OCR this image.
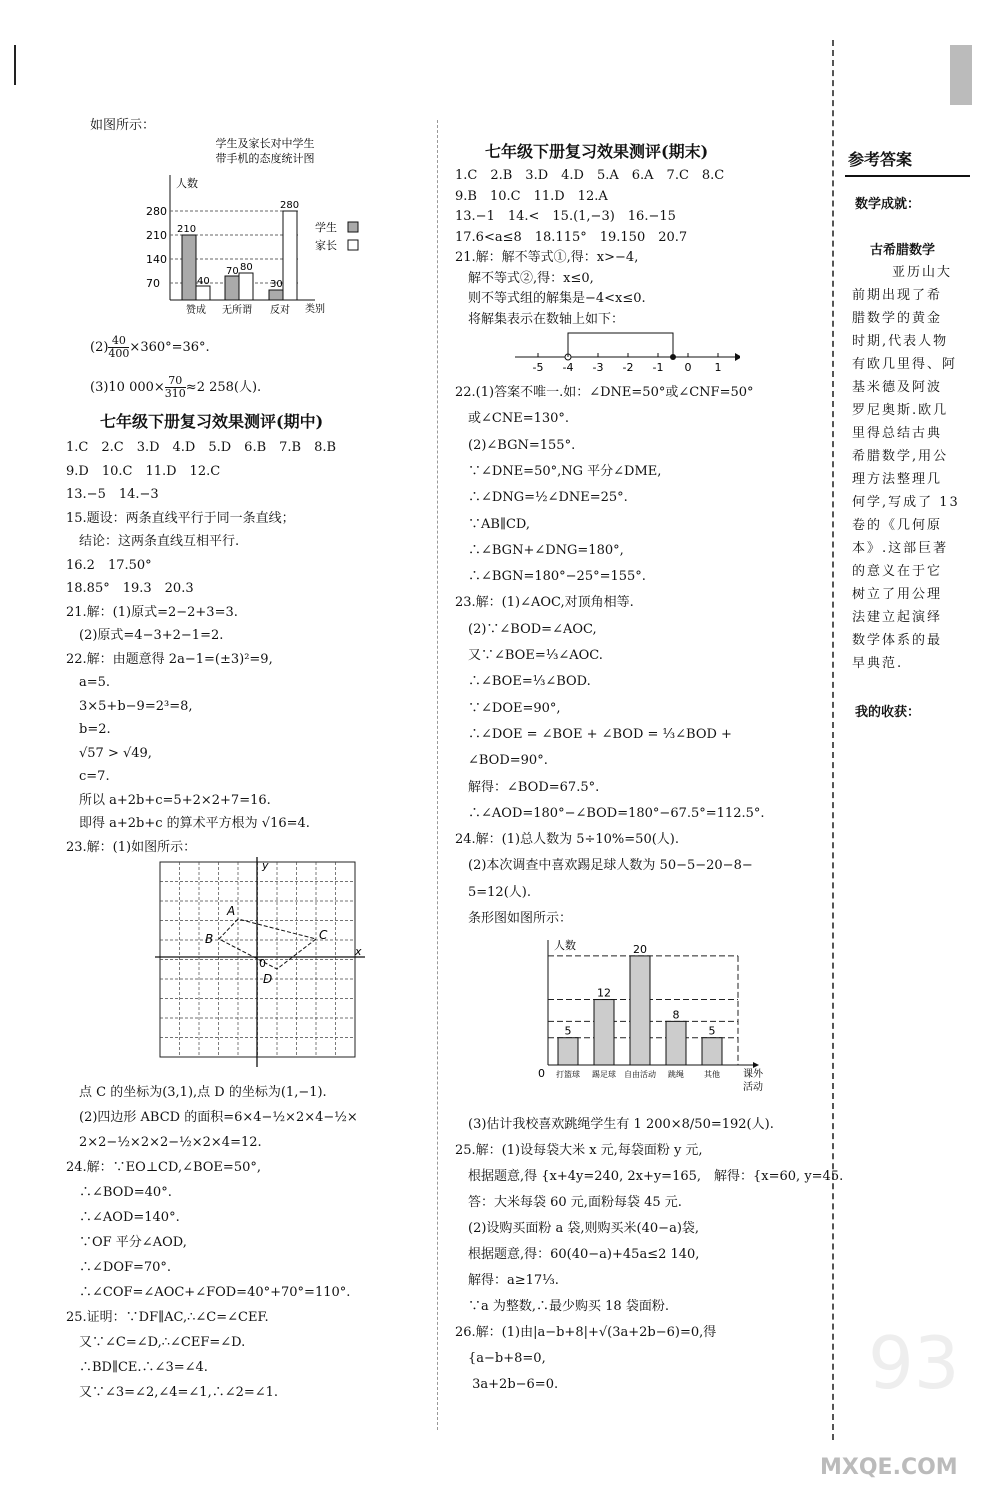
如图所示：
学生及家长对中学生
带手机的态度统计图
人数
类别
280
210
140
70
210
40
70 80
30
280
赞成 无所谓 反对
学生
家长
$(2) \frac{40}{400} \times 360^\circ=36^\circ$.
(3)10 $000\times \frac{70}{310} \approx 2$ 258(人).
七年级下册复习效果测评(期中)
1.C　2.C　3.D　4.D　5.D　6.B　7.B　8.B
9.D　10.C　11.D　12.C
13.−5　14.−3
15.题设：两条直线平行于同一条直线；
　结论：这两条直线互相平行.
16.2　17.50°
18.85°　19.3　20.3
21.解：(1)原式=2−2+3=3.
　(2)原式=4−3+2−1=2.
22.解：由题意得 2a−1=(±3)²=9,
　a=5.
　3×5+b−9=2³=8,
　b=2.
　√57 > √49,
　c=7.
　所以 a+2b+c=5+2×2+7=16.
　即得 a+2b+c 的算术平方根为 √16=4.
23.解：(1)如图所示：
A
B	C
D
0
x
y
　点 C 的坐标为(3,1),点 D 的坐标为(1,−1).
　(2)四边形 ABCD 的面积=6×4−½×2×4−½×
　2×2−½×2×2−½×2×4=12.
24.解：∵EO⊥CD,∠BOE=50°,
　∴∠BOD=40°.
　∴∠AOD=140°.
　∵OF 平分∠AOD,
　∴∠DOF=70°.
　∴∠COF=∠AOC+∠FOD=40°+70°=110°.
25.证明：∵DF∥AC,∴∠C=∠CEF.
　又∵∠C=∠D,∴∠CEF=∠D.
　∴BD∥CE.∴∠3=∠4.
　又∵∠3=∠2,∠4=∠1,∴∠2=∠1.
七年级下册复习效果测评(期末)
1.C　2.B　3.D　4.D　5.A　6.A　7.C　8.C
9.B　10.C　11.D　12.A
13.−1　14.<　15.(1,−3)　16.−15
17.6<a≤8　18.115°　19.150　20.7
21.解：解不等式①,得：x>−4,
　解不等式②,得：x≤0,
　则不等式组的解集是−4<x≤0.
　将解集表示在数轴上如下：
-5 -4 -3 -2 -1 0 1
22.(1)答案不唯一.如：∠DNE=50°或∠CNF=50°
　或∠CNE=130°.
　(2)∠BGN=155°.
　∵∠DNE=50°,NG 平分∠DME,
　∴∠DNG=½∠DNE=25°.
　∵AB∥CD,
　∴∠BGN+∠DNG=180°,
　∴∠BGN=180°−25°=155°.
23.解：(1)∠AOC,对顶角相等.
　(2)∵∠BOD=∠AOC,
　又∵∠BOE=⅓∠AOC.
　∴∠BOE=⅓∠BOD.
　∵∠DOE=90°,
　∴∠DOE = ∠BOE + ∠BOD = ⅓∠BOD +
　∠BOD=90°.
　解得：∠BOD=67.5°.
　∴∠AOD=180°−∠BOD=180°−67.5°=112.5°.
24.解：(1)总人数为 5÷10%=50(人).
　(2)本次调查中喜欢踢足球人数为 50−5−20−8−
　5=12(人).
　条形图如图所示：
人数
0
5
打篮球
12
踢足球
20
自由活动
8
跳绳
5
其他 课外
活动
　(3)估计我校喜欢跳绳学生有 1 200×8/50=192(人).
25.解：(1)设每袋大米 x 元,每袋面粉 y 元,
　根据题意,得 {x+4y=240, 2x+y=165,　解得：{x=60, y=45.
　答：大米每袋 60 元,面粉每袋 45 元.
　(2)设购买面粉 a 袋,则购买米(40−a)袋,
　根据题意,得：60(40−a)+45a≤2 140,
　解得：a≥17⅓.
　∵a 为整数,∴最少购买 18 袋面粉.
26.解：(1)由|a−b+8|+√(3a+2b−6)=0,得
　{a−b+8=0,
　 3a+2b−6=0.
参考答案
数学成就：
古希腊数学
亚历山大
前期出现了希
腊数学的黄金
时期,代表人物
有欧几里得、阿
基米德及阿波
罗尼奥斯.欧几
里得总结古典
希腊数学,用公
理方法整理几
何学,写成了 13
卷的《几何原
本》.这部巨著
的意义在于它
树立了用公理
法建立起演绎
数学体系的最
早典范.
我的收获：
93
MXQE.COM
